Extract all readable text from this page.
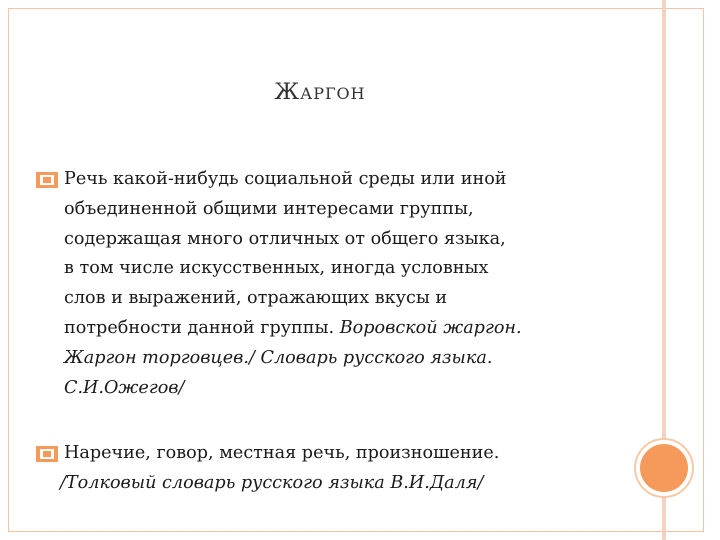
ЖАРГОН
Речь какой-нибудь социальной среды или иной
объединенной общими интересами группы,
содержащая много отличных от общего языка,
в том числе искусственных, иногда условных
слов и выражений, отражающих вкусы и
потребности данной группы. Воровской жаргон.
Жаргон торговцев./ Словарь русского языка.
С.И.Ожегов/
Наречие, говор, местная речь, произношение.
/Толковый словарь русского языка В.И.Даля/
